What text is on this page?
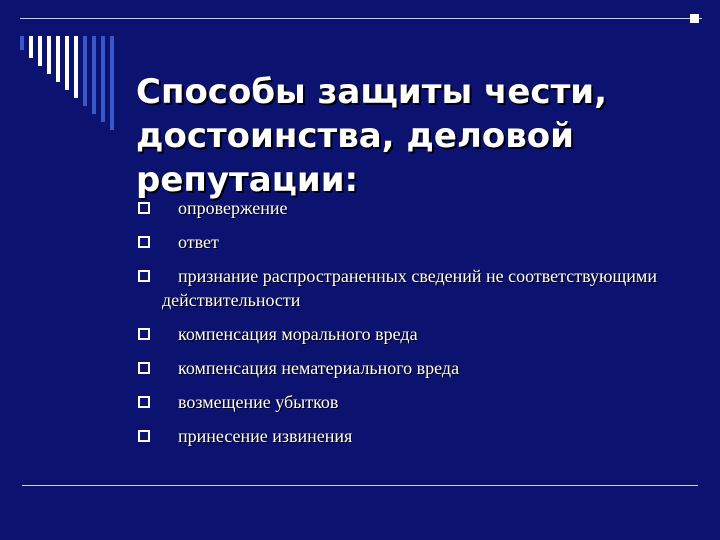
Способы защиты чести, достоинства, деловой репутации:
опровержение
ответ
признание распространенных сведений не соответствующими действительности
компенсация морального вреда
компенсация нематериального вреда
возмещение убытков
принесение извинения
